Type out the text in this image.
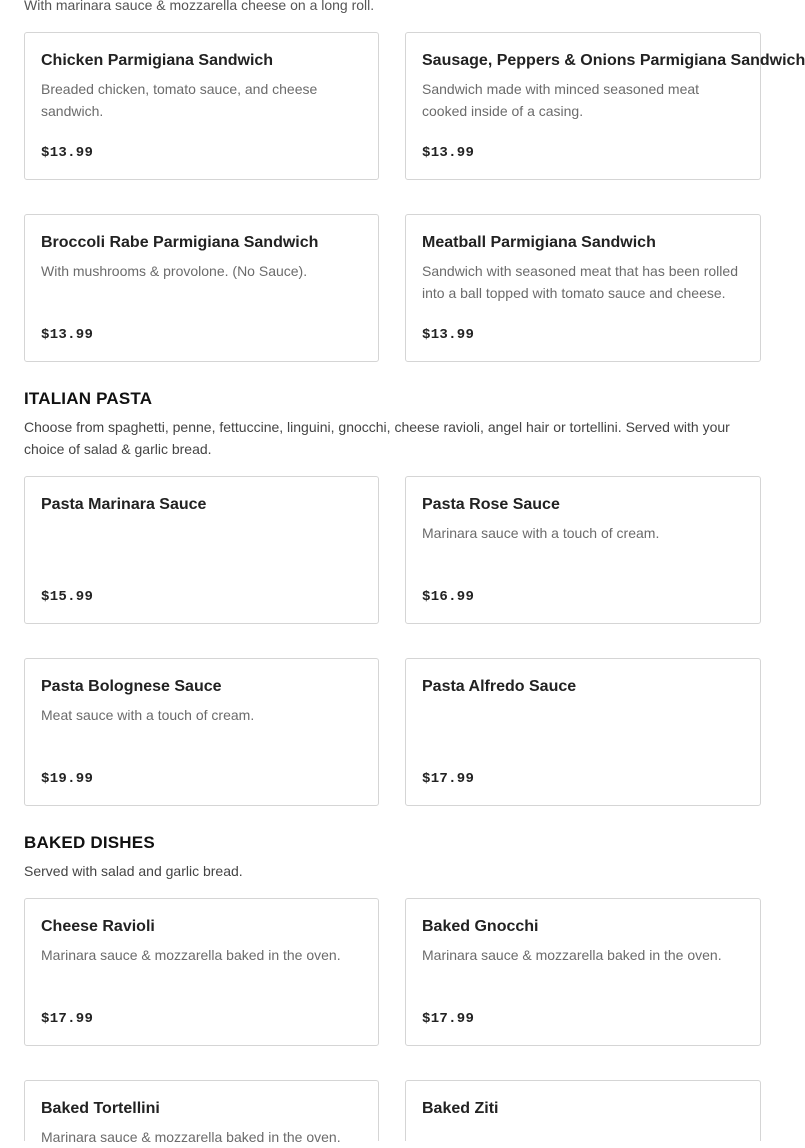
With marinara sauce & mozzarella cheese on a long roll.
Chicken Parmigiana Sandwich
Breaded chicken, tomato sauce, and cheese sandwich.
$13.99
Sausage, Peppers & Onions Parmigiana Sandwich
Sandwich made with minced seasoned meat cooked inside of a casing.
$13.99
Broccoli Rabe Parmigiana Sandwich
With mushrooms & provolone. (No Sauce).
$13.99
Meatball Parmigiana Sandwich
Sandwich with seasoned meat that has been rolled into a ball topped with tomato sauce and cheese.
$13.99
ITALIAN PASTA
Choose from spaghetti, penne, fettuccine, linguini, gnocchi, cheese ravioli, angel hair or tortellini. Served with your choice of salad & garlic bread.
Pasta Marinara Sauce
$15.99
Pasta Rose Sauce
Marinara sauce with a touch of cream.
$16.99
Pasta Bolognese Sauce
Meat sauce with a touch of cream.
$19.99
Pasta Alfredo Sauce
$17.99
BAKED DISHES
Served with salad and garlic bread.
Cheese Ravioli
Marinara sauce & mozzarella baked in the oven.
$17.99
Baked Gnocchi
Marinara sauce & mozzarella baked in the oven.
$17.99
Baked Tortellini
Marinara sauce & mozzarella baked in the oven.
Baked Ziti
